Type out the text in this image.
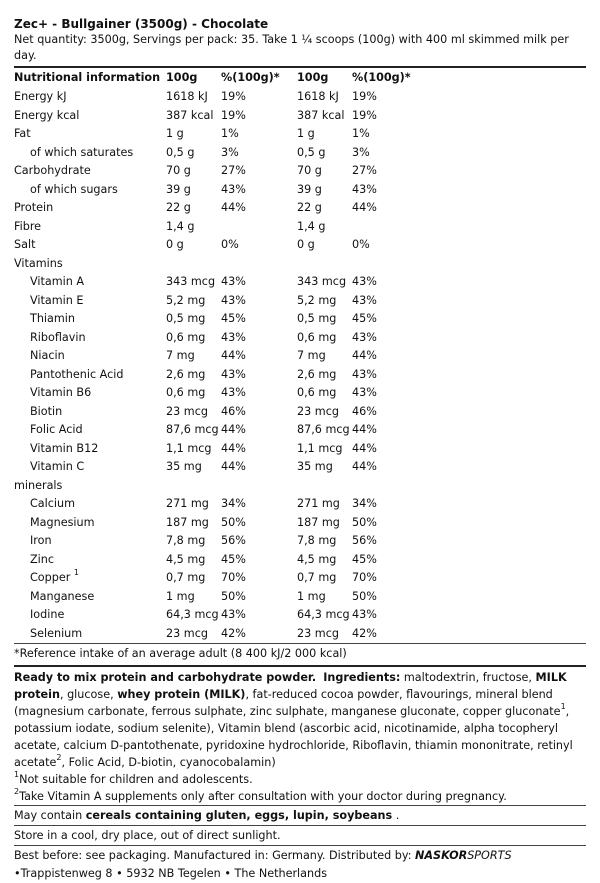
Zec+ - Bullgainer (3500g) - Chocolate
Net quantity: 3500g, Servings per pack: 35. Take 1 ¼ scoops (100g) with 400 ml skimmed milk per day.
Nutritional information	100g	%(100g)*	100g	%(100g)*
Energy kJ	1618 kJ	19%	1618 kJ	19%
Energy kcal	387 kcal	19%	387 kcal	19%
Fat	1 g	1%	1 g	1%
of which saturates	0,5 g	3%	0,5 g	3%
Carbohydrate	70 g	27%	70 g	27%
of which sugars	39 g	43%	39 g	43%
Protein	22 g	44%	22 g	44%
Fibre	1,4 g		1,4 g	
Salt	0 g	0%	0 g	0%
Vitamins				
Vitamin A	343 mcg	43%	343 mcg	43%
Vitamin E	5,2 mg	43%	5,2 mg	43%
Thiamin	0,5 mg	45%	0,5 mg	45%
Riboflavin	0,6 mg	43%	0,6 mg	43%
Niacin	7 mg	44%	7 mg	44%
Pantothenic Acid	2,6 mg	43%	2,6 mg	43%
Vitamin B6	0,6 mg	43%	0,6 mg	43%
Biotin	23 mcg	46%	23 mcg	46%
Folic Acid	87,6 mcg	44%	87,6 mcg	44%
Vitamin B12	1,1 mcg	44%	1,1 mcg	44%
Vitamin C	35 mg	44%	35 mg	44%
minerals				
Calcium	271 mg	34%	271 mg	34%
Magnesium	187 mg	50%	187 mg	50%
Iron	7,8 mg	56%	7,8 mg	56%
Zinc	4,5 mg	45%	4,5 mg	45%
Copper $^1$	0,7 mg	70%	0,7 mg	70%
Manganese	1 mg	50%	1 mg	50%
Iodine	64,3 mcg	43%	64,3 mcg	43%
Selenium	23 mcg	42%	23 mcg	42%
*Reference intake of an average adult (8 400 kJ/2 000 kcal)
Ready to mix protein and carbohydrate powder. Ingredients: maltodextrin, fructose, MILK protein, glucose, whey protein (MILK), fat-reduced cocoa powder, flavourings, mineral blend (magnesium carbonate, ferrous sulphate, zinc sulphate, manganese gluconate, copper gluconate$^1$, potassium iodate, sodium selenite), Vitamin blend (ascorbic acid, nicotinamide, alpha tocopheryl acetate, calcium D-pantothenate, pyridoxine hydrochloride, Riboflavin, thiamin mononitrate, retinyl acetate$^2$, Folic Acid, D-biotin, cyanocobalamin)
$^1$Not suitable for children and adolescents.
$^2$Take Vitamin A supplements only after consultation with your doctor during pregnancy.
May contain cereals containing gluten, eggs, lupin, soybeans .
Store in a cool, dry place, out of direct sunlight.
Best before: see packaging. Manufactured in: Germany. Distributed by: NASKORSPORTS
•Trappistenweg 8 • 5932 NB Tegelen • The Netherlands
